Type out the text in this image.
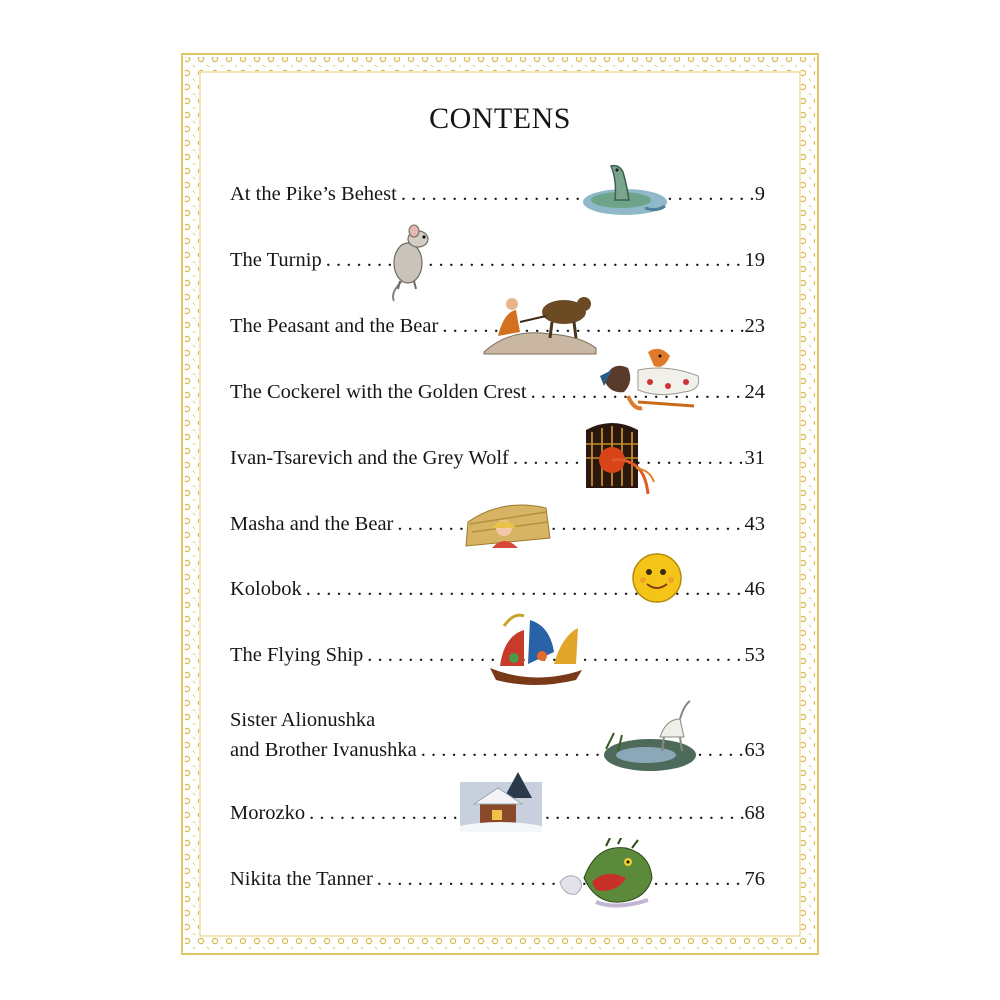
CONTENS
At the Pike’s Behest . . .	9
The Turnip . . .	19
The Peasant and the Bear . . .	23
The Cockerel with the Golden Crest . . .	24
Ivan-Tsarevich and the Grey Wolf . . .	31
Masha and the Bear . . .	43
Kolobok . . .	46
The Flying Ship . . .	53
Sister Alionushka
and Brother Ivanushka . . .	63
Morozko . . .	68
Nikita the Tanner . . .	76
